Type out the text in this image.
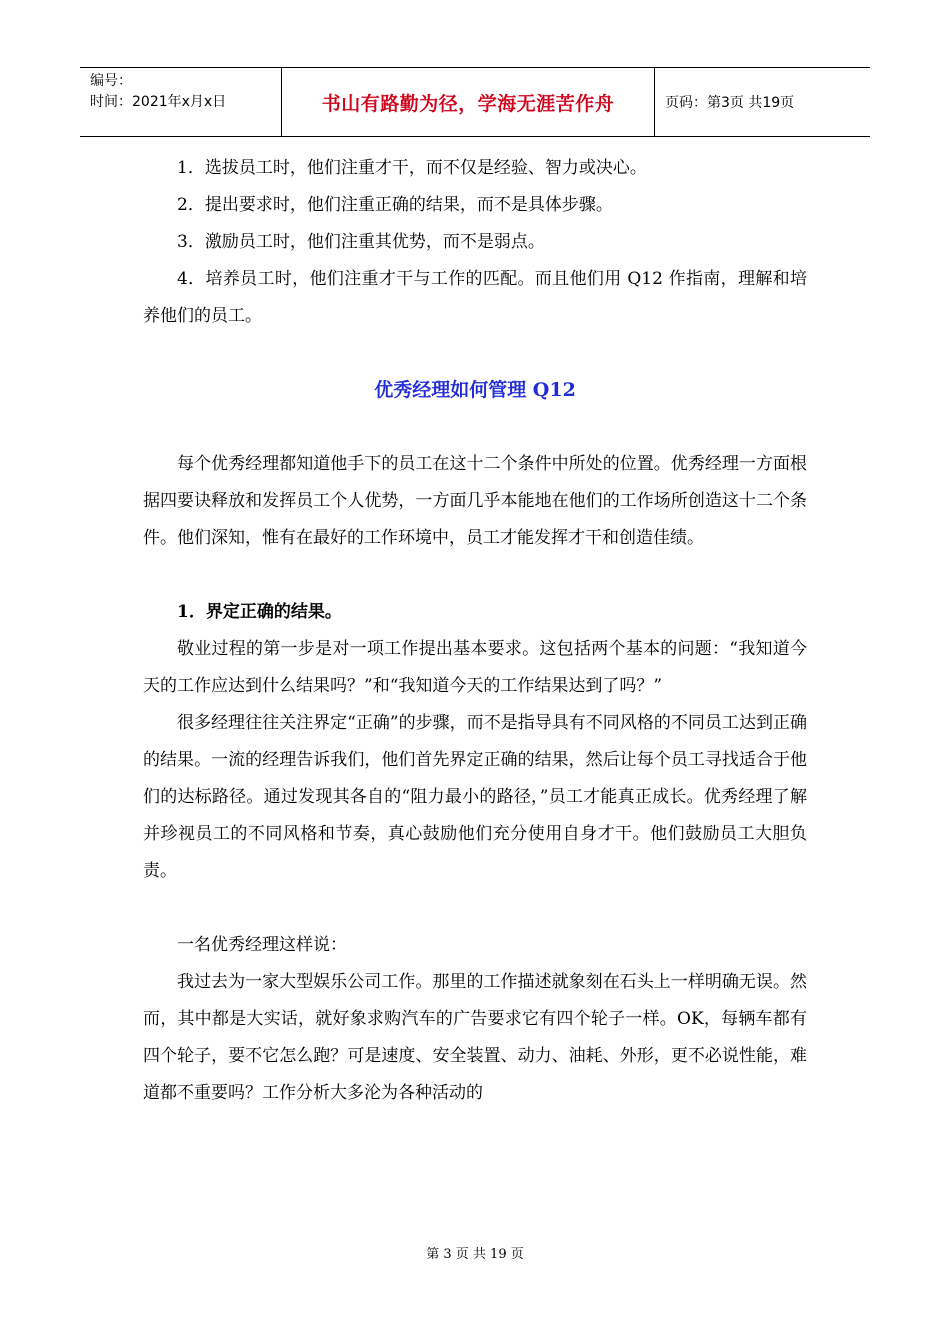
编号：
时间：2021年x月x日	书山有路勤为径，学海无涯苦作舟	页码：第3页 共19页

1．选拔员工时，他们注重才干，而不仅是经验、智力或决心。

2．提出要求时，他们注重正确的结果，而不是具体步骤。

3．激励员工时，他们注重其优势，而不是弱点。

4．培养员工时，他们注重才干与工作的匹配。而且他们用 Q12 作指南，理解和培养他们的员工。

优秀经理如何管理 Q12

每个优秀经理都知道他手下的员工在这十二个条件中所处的位置。优秀经理一方面根据四要诀释放和发挥员工个人优势，一方面几乎本能地在他们的工作场所创造这十二个条件。他们深知，惟有在最好的工作环境中，员工才能发挥才干和创造佳绩。

1．界定正确的结果。

敬业过程的第一步是对一项工作提出基本要求。这包括两个基本的问题：“我知道今天的工作应达到什么结果吗？”和“我知道今天的工作结果达到了吗？”

很多经理往往关注界定“正确”的步骤，而不是指导具有不同风格的不同员工达到正确的结果。一流的经理告诉我们，他们首先界定正确的结果，然后让每个员工寻找适合于他们的达标路径。通过发现其各自的“阻力最小的路径，”员工才能真正成长。优秀经理了解并珍视员工的不同风格和节奏，真心鼓励他们充分使用自身才干。他们鼓励员工大胆负责。

一名优秀经理这样说：

我过去为一家大型娱乐公司工作。那里的工作描述就象刻在石头上一样明确无误。然而，其中都是大实话，就好象求购汽车的广告要求它有四个轮子一样。OK，每辆车都有四个轮子，要不它怎么跑？可是速度、安全装置、动力、油耗、外形，更不必说性能，难道都不重要吗？工作分析大多沦为各种活动的

第 3 页 共 19 页
